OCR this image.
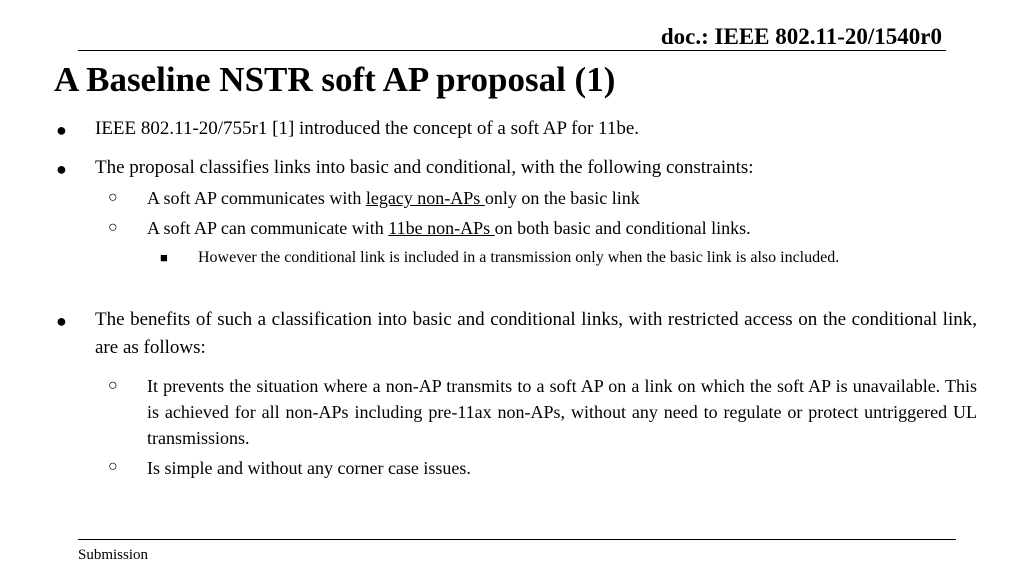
doc.: IEEE 802.11-20/1540r0
A Baseline NSTR soft AP proposal (1)
● IEEE 802.11-20/755r1 [1] introduced the concept of a soft AP for 11be.
● The proposal classifies links into basic and conditional, with the following constraints:
○ A soft AP communicates with legacy non-APs only on the basic link
○ A soft AP can communicate with 11be non-APs on both basic and conditional links.
■ However the conditional link is included in a transmission only when the basic link is also included.
● The benefits of such a classification into basic and conditional links, with restricted access on the conditional link, are as follows:
○ It prevents the situation where a non-AP transmits to a soft AP on a link on which the soft AP is unavailable. This is achieved for all non-APs including pre-11ax non-APs, without any need to regulate or protect untriggered UL transmissions.
○ Is simple and without any corner case issues.
Submission
